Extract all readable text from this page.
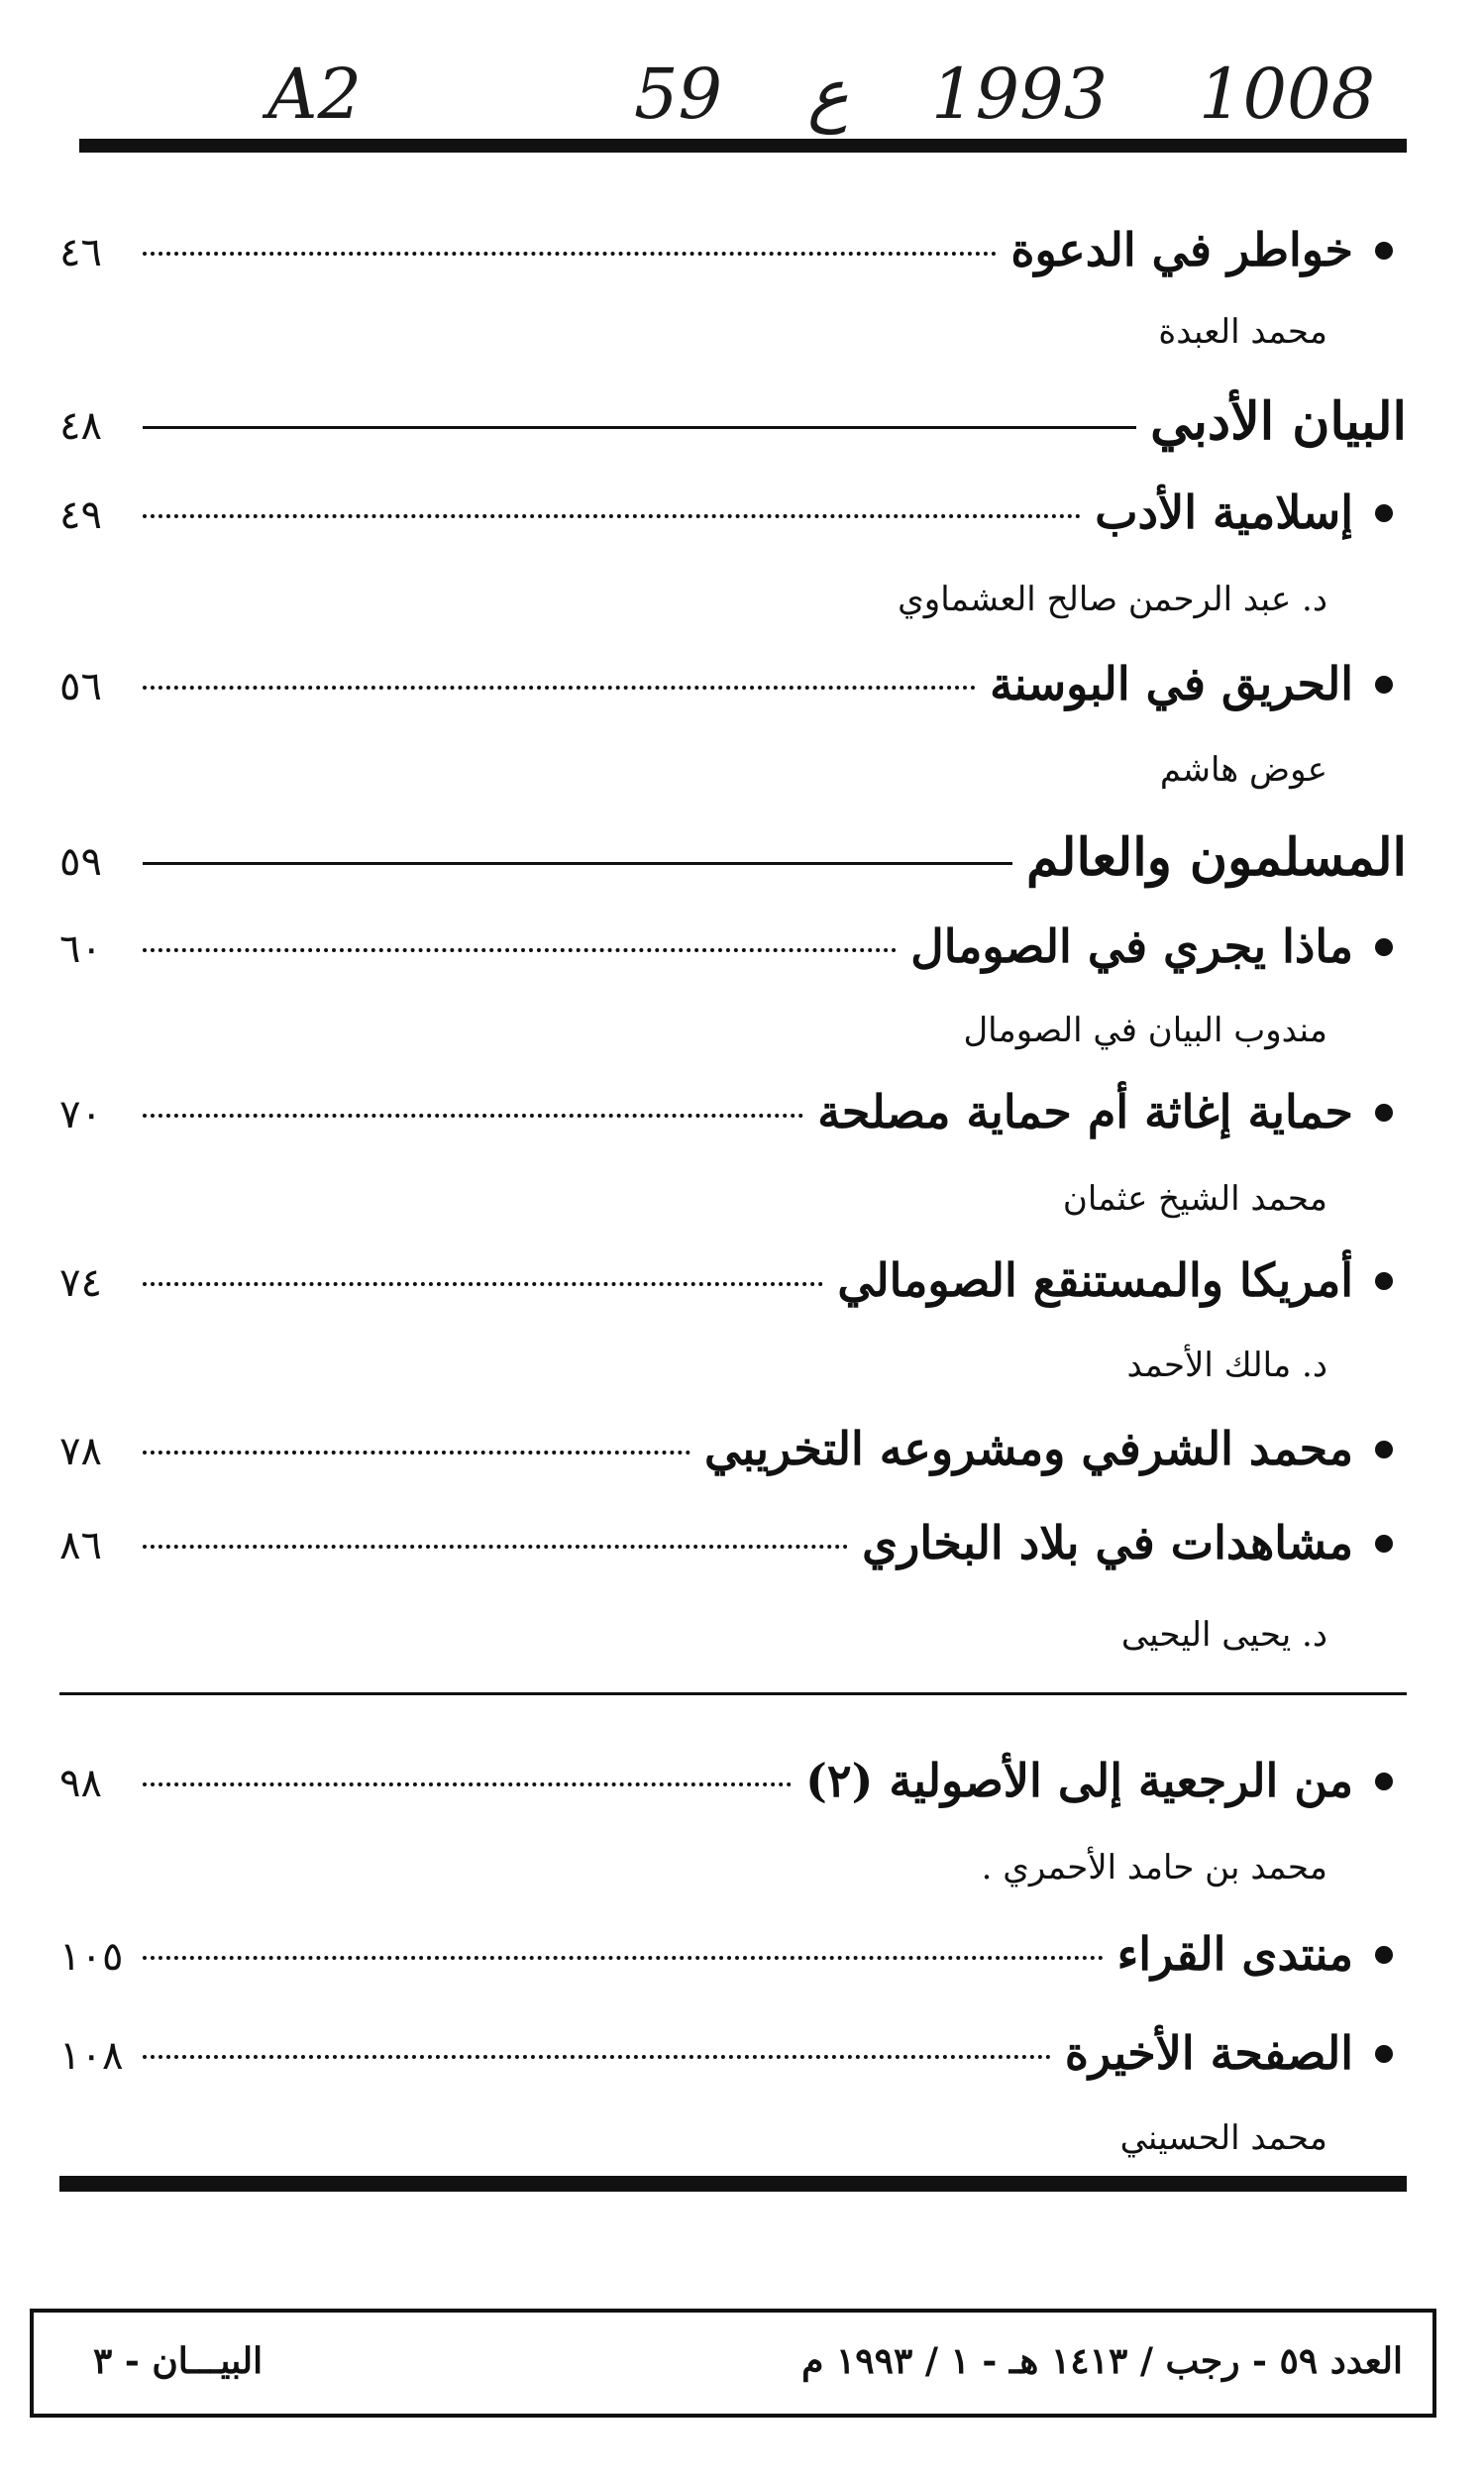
A2	59 ع 1993 1008
خواطر في الدعوة
٤٦
محمد العبدة
البيان الأدبي
٤٨
إسلامية الأدب
٤٩
د. عبد الرحمن صالح العشماوي
الحريق في البوسنة
٥٦
عوض هاشم
المسلمون والعالم
٥٩
ماذا يجري في الصومال
٦٠
مندوب البيان في الصومال
حماية إغاثة أم حماية مصلحة
٧٠
محمد الشيخ عثمان
أمريكا والمستنقع الصومالي
٧٤
د. مالك الأحمد
محمد الشرفي ومشروعه التخريبي
٧٨
مشاهدات في بلاد البخاري
٨٦
د. يحيى اليحيى
من الرجعية إلى الأصولية (٢)
٩٨
محمد بن حامد الأحمري .
منتدى القراء
١٠٥
الصفحة الأخيرة
١٠٨
محمد الحسيني
العدد ٥٩ - رجب / ١٤١٣ هـ - ١ / ١٩٩٣ م
البيـــان - ٣
